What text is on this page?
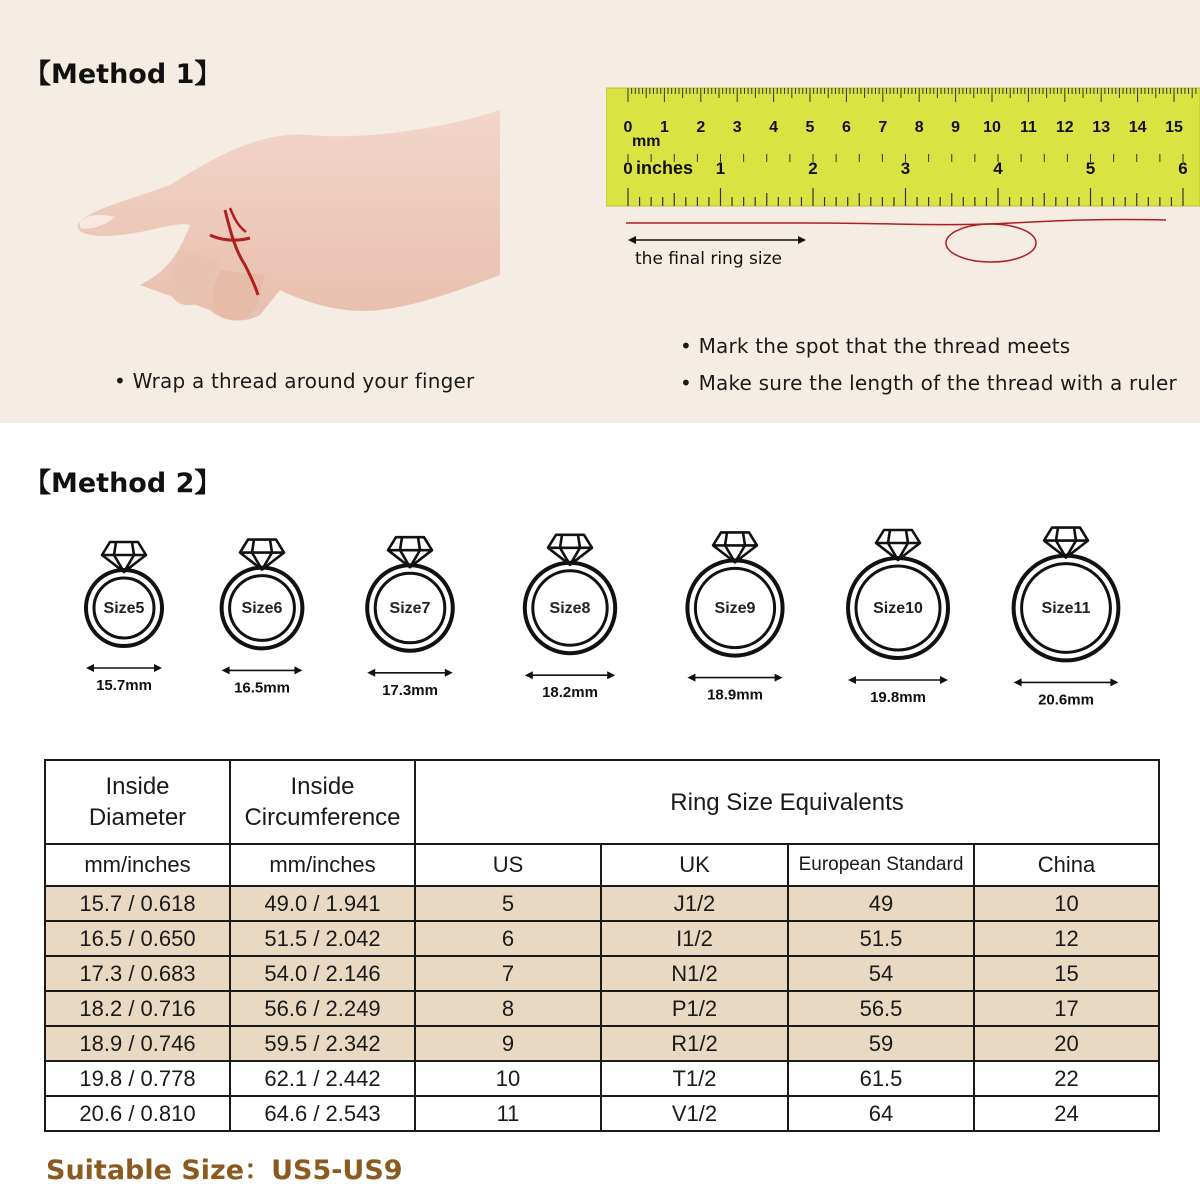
【Method 1】
• Wrap a thread around your finger
0 1 2 3 4 5 6 7 8 9 10 11 12 13 14 15
0	1	2	3	4	5	6
mm
inches
the final ring size
• Mark the spot that the thread meets
• Make sure the length of the thread with a ruler
【Method 2】
Size5
15.7mm
Size6
16.5mm
Size7
17.3mm
Size8
18.2mm
Size9
18.9mm
Size10
19.8mm
Size11
20.6mm
Inside Diameter	Inside Circumference	Ring Size Equivalents			
mm/inches	mm/inches	US	UK	European Standard	China
15.7 / 0.618	49.0 / 1.941	5	J1/2	49	10
16.5 / 0.650	51.5 / 2.042	6	I1/2	51.5	12
17.3 / 0.683	54.0 / 2.146	7	N1/2	54	15
18.2 / 0.716	56.6 / 2.249	8	P1/2	56.5	17
18.9 / 0.746	59.5 / 2.342	9	R1/2	59	20
19.8 / 0.778	62.1 / 2.442	10	T1/2	61.5	22
20.6 / 0.810	64.6 / 2.543	11	V1/2	64	24
Suitable Size：US5-US9
